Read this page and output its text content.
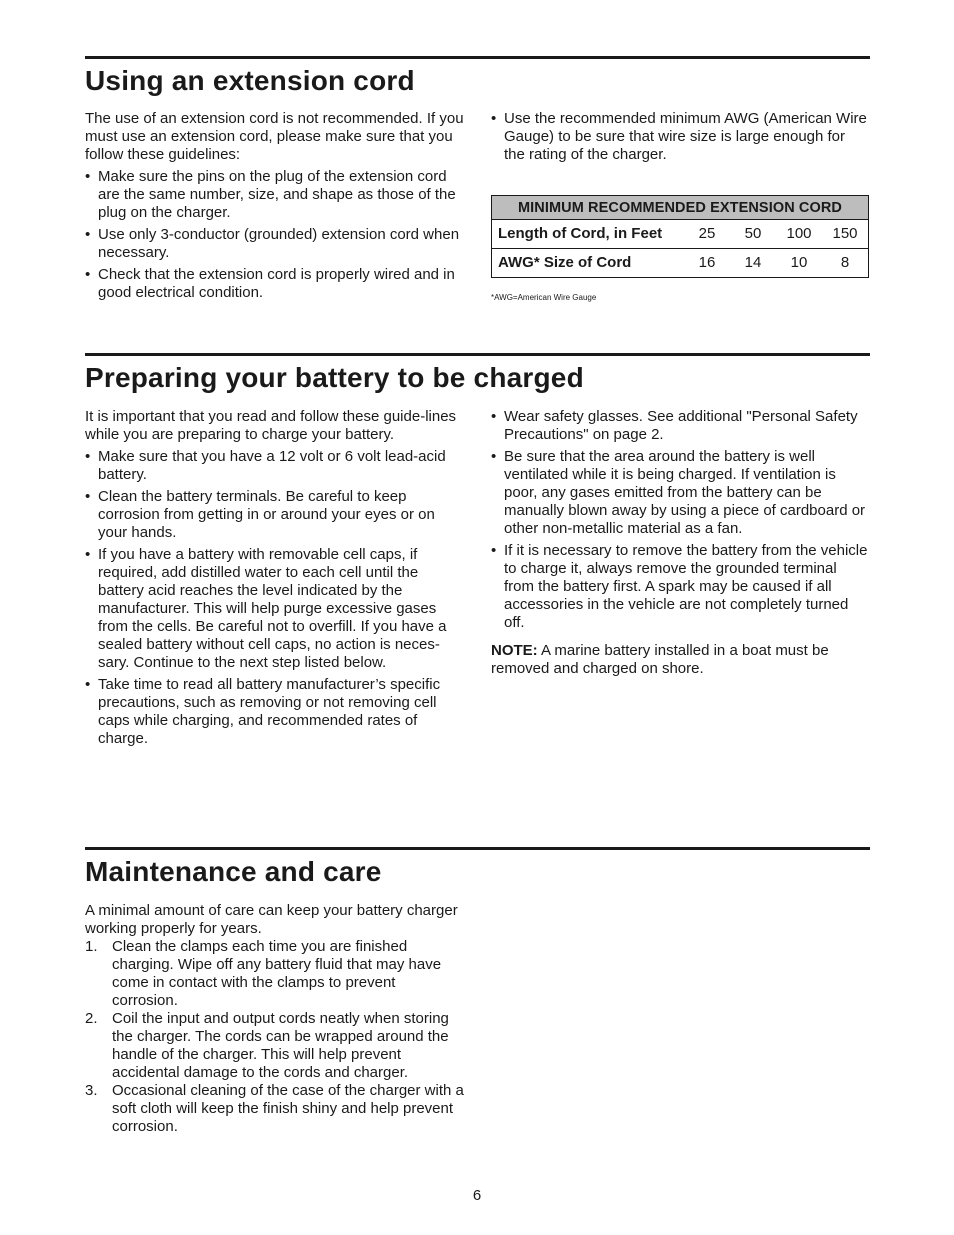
Using an extension cord

The use of an extension cord is not recommended. If you must use an extension cord, please make sure that you follow these guidelines:

• Make sure the pins on the plug of the extension cord are the same number, size, and shape as those of the plug on the charger.
• Use only 3-conductor (grounded) extension cord when necessary.
• Check that the extension cord is properly wired and in good electrical condition.
• Use the recommended minimum AWG (American Wire Gauge) to be sure that wire size is large enough for the rating of the charger.
MINIMUM RECOMMENDED EXTENSION CORD				
Length of Cord, in Feet	25	50	100	150
AWG* Size of Cord	16	14	10	8
*AWG=American Wire Gauge
Preparing your battery to be charged

It is important that you read and follow these guide-lines while you are preparing to charge your battery.

• Make sure that you have a 12 volt or 6 volt lead-acid battery.
• Clean the battery terminals. Be careful to keep corrosion from getting in or around your eyes or on your hands.
• If you have a battery with removable cell caps, if required, add distilled water to each cell until the battery acid reaches the level indicated by the manufacturer. This will help purge excessive gases from the cells. Be careful not to overfill. If you have a sealed battery without cell caps, no action is neces-sary. Continue to the next step listed below.
• Take time to read all battery manufacturer’s specific precautions, such as removing or not removing cell caps while charging, and recommended rates of charge.
• Wear safety glasses. See additional "Personal Safety Precautions" on page 2.
• Be sure that the area around the battery is well ventilated while it is being charged. If ventilation is poor, any gases emitted from the battery can be manually blown away by using a piece of cardboard or other non-metallic material as a fan.
• If it is necessary to remove the battery from the vehicle to charge it, always remove the grounded terminal from the battery first. A spark may be caused if all accessories in the vehicle are not completely turned off.

NOTE: A marine battery installed in a boat must be removed and charged on shore.

Maintenance and care

A minimal amount of care can keep your battery charger working properly for years.

1. Clean the clamps each time you are finished charging. Wipe off any battery fluid that may have come in contact with the clamps to prevent corrosion.
2. Coil the input and output cords neatly when storing the charger. The cords can be wrapped around the handle of the charger. This will help prevent accidental damage to the cords and charger.
3. Occasional cleaning of the case of the charger with a soft cloth will keep the finish shiny and help prevent corrosion.
6
